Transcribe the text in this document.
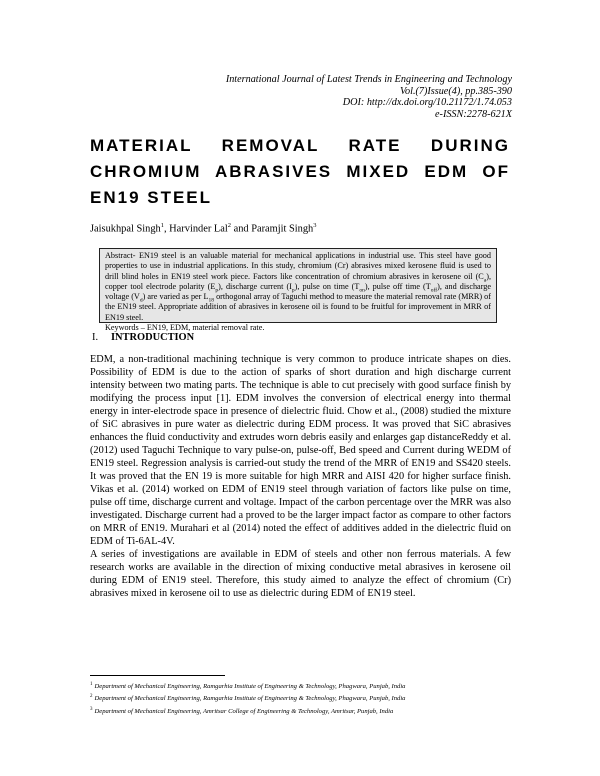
International Journal of Latest Trends in Engineering and Technology
Vol.(7)Issue(4), pp.385-390
DOI: http://dx.doi.org/10.21172/1.74.053
e-ISSN:2278-621X
MATERIAL REMOVAL RATE DURING
CHROMIUM ABRASIVES MIXED EDM OF
EN19 STEEL
Jaisukhpal Singh$^1$, Harvinder Lal$^2$ and Paramjit Singh$^3$
Abstract- EN19 steel is an valuable material for mechanical applications in industrial use. This steel have good properties to use in industrial applications. In this study, chromium (Cr) abrasives mixed kerosene fluid is used to drill blind holes in EN19 steel work piece. Factors like concentration of chromium abrasives in kerosene oil $(C_a)$, copper tool electrode polarity $(E_p)$, discharge current $(I_p)$, pulse on time $(T_{on})$, pulse off time $(T_{off})$, and discharge voltage $(V_d)$ are varied as per $L_{18}$ orthogonal array of Taguchi method to measure the material removal rate (MRR) of the EN19 steel. Appropriate addition of abrasives in kerosene oil is found to be fruitful for improvement in MRR of EN19 steel.
Keywords – EN19, EDM, material removal rate.
I. INTRODUCTION

EDM, a non-traditional machining technique is very common to produce intricate shapes on dies. Possibility of EDM is due to the action of sparks of short duration and high discharge current intensity between two mating parts. The technique is able to cut precisely with good surface finish by modifying the process input [1]. EDM involves the conversion of electrical energy into thermal energy in inter-electrode space in presence of dielectric fluid. Chow et al., (2008) studied the mixture of SiC abrasives in pure water as dielectric during EDM process. It was proved that SiC abrasives enhances the fluid conductivity and extrudes worn debris easily and enlarges gap distanceReddy et al. (2012) used Taguchi Technique to vary pulse-on, pulse-off, Bed speed and Current during WEDM of EN19 steel. Regression analysis is carried-out study the trend of the MRR of EN19 and SS420 steels. It was proved that the EN 19 is more suitable for high MRR and AISI 420 for higher surface finish. Vikas et al. (2014) worked on EDM of EN19 steel through variation of factors like pulse on time, pulse off time, discharge current and voltage. Impact of the carbon percentage over the MRR was also investigated. Discharge current had a proved to be the larger impact factor as compare to other factors on MRR of EN19. Murahari et al (2014) noted the effect of additives added in the dielectric fluid on EDM of Ti-6AL-4V.

A series of investigations are available in EDM of steels and other non ferrous materials. A few research works are available in the direction of mixing conductive metal abrasives in kerosene oil during EDM of EN19 steel. Therefore, this study aimed to analyze the effect of chromium (Cr) abrasives mixed in kerosene oil to use as dielectric during EDM of EN19 steel.

$^1$ Department of Mechanical Engineering, Ramgarhia Institute of Engineering & Technology, Phagwara, Punjab, India
$^2$ Department of Mechanical Engineering, Ramgarhia Institute of Engineering & Technology, Phagwara, Punjab, India
$^3$ Department of Mechanical Engineering, Amritsar College of Engineering & Technology, Amritsar, Punjab, India
